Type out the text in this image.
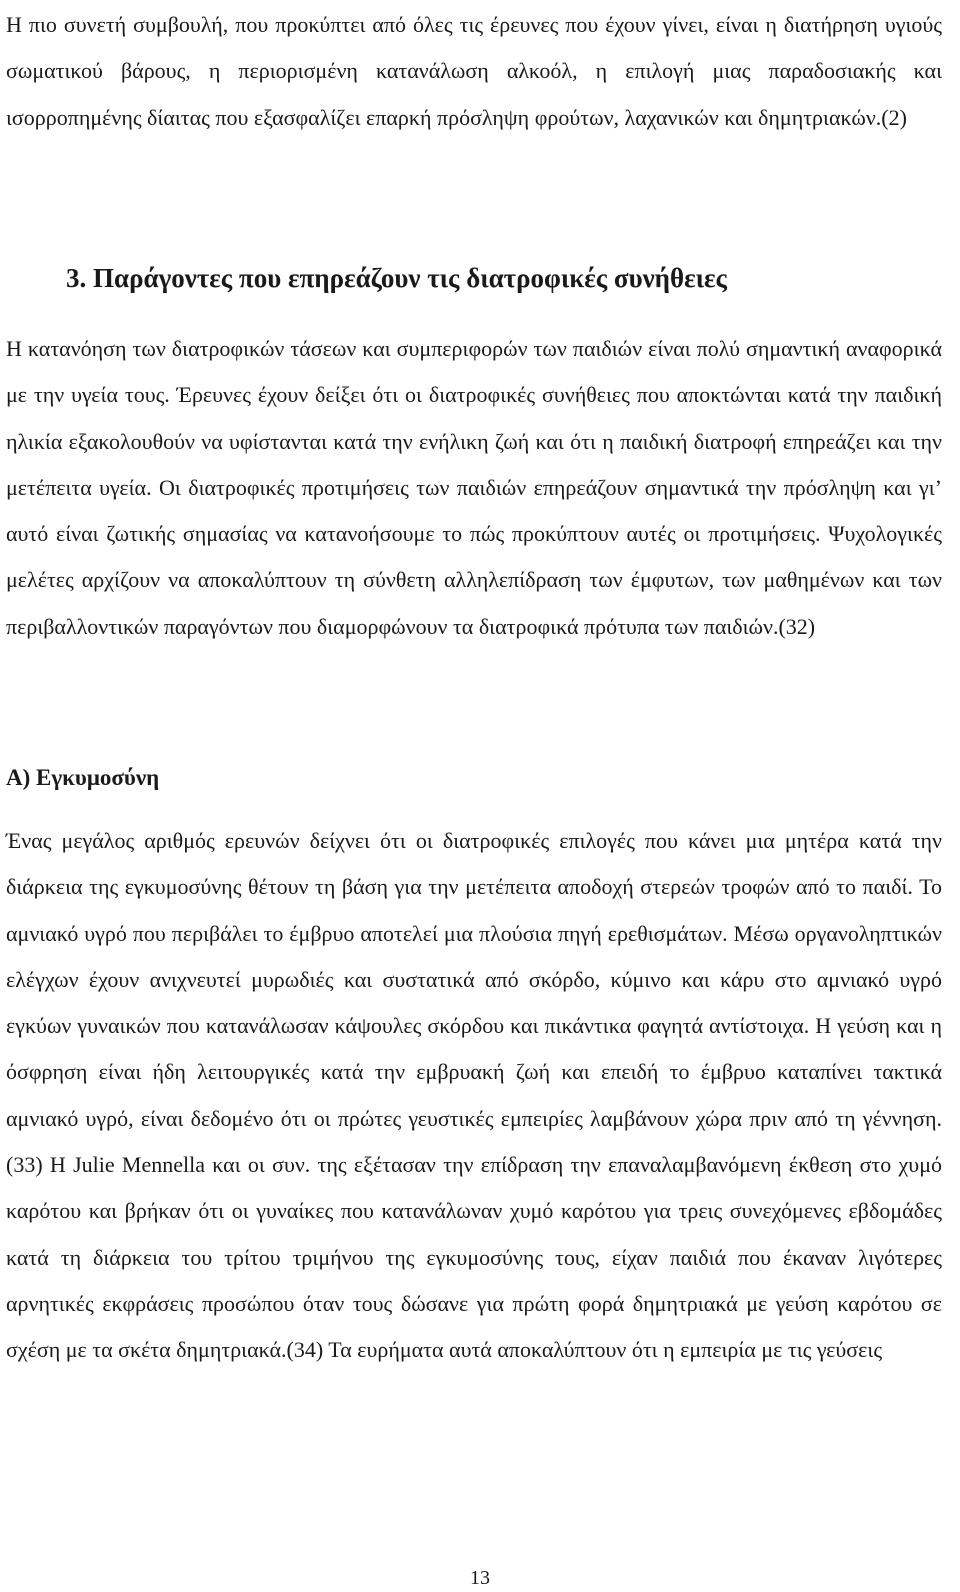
Η πιο συνετή συμβουλή, που προκύπτει από όλες τις έρευνες που έχουν γίνει, είναι η διατήρηση υγιούς σωματικού βάρους, η περιορισμένη κατανάλωση αλκοόλ, η επιλογή μιας παραδοσιακής και ισορροπημένης δίαιτας που εξασφαλίζει επαρκή πρόσληψη φρούτων, λαχανικών και δημητριακών.(2)

3. Παράγοντες που επηρεάζουν τις διατροφικές συνήθειες

Η κατανόηση των διατροφικών τάσεων και συμπεριφορών των παιδιών είναι πολύ σημαντική αναφορικά με την υγεία τους. Έρευνες έχουν δείξει ότι οι διατροφικές συνήθειες που αποκτώνται κατά την παιδική ηλικία εξακολουθούν να υφίστανται κατά την ενήλικη ζωή και ότι η παιδική διατροφή επηρεάζει και την μετέπειτα υγεία. Οι διατροφικές προτιμήσεις των παιδιών επηρεάζουν σημαντικά την πρόσληψη και γι’ αυτό είναι ζωτικής σημασίας να κατανοήσουμε το πώς προκύπτουν αυτές οι προτιμήσεις. Ψυχολογικές μελέτες αρχίζουν να αποκαλύπτουν τη σύνθετη αλληλεπίδραση των έμφυτων, των μαθημένων και των περιβαλλοντικών παραγόντων που διαμορφώνουν τα διατροφικά πρότυπα των παιδιών.(32)

Α) Εγκυμοσύνη

Ένας μεγάλος αριθμός ερευνών δείχνει ότι οι διατροφικές επιλογές που κάνει μια μητέρα κατά την διάρκεια της εγκυμοσύνης θέτουν τη βάση για την μετέπειτα αποδοχή στερεών τροφών από το παιδί. Το αμνιακό υγρό που περιβάλει το έμβρυο αποτελεί μια πλούσια πηγή ερεθισμάτων. Μέσω οργανοληπτικών ελέγχων έχουν ανιχνευτεί μυρωδιές και συστατικά από σκόρδο, κύμινο και κάρυ στο αμνιακό υγρό εγκύων γυναικών που κατανάλωσαν κάψουλες σκόρδου και πικάντικα φαγητά αντίστοιχα. Η γεύση και η όσφρηση είναι ήδη λειτουργικές κατά την εμβρυακή ζωή και επειδή το έμβρυο καταπίνει τακτικά αμνιακό υγρό, είναι δεδομένο ότι οι πρώτες γευστικές εμπειρίες λαμβάνουν χώρα πριν από τη γέννηση.(33) Η Julie Mennella και οι συν. της εξέτασαν την επίδραση την επαναλαμβανόμενη έκθεση στο χυμό καρότου και βρήκαν ότι οι γυναίκες που κατανάλωναν χυμό καρότου για τρεις συνεχόμενες εβδομάδες κατά τη διάρκεια του τρίτου τριμήνου της εγκυμοσύνης τους, είχαν παιδιά που έκαναν λιγότερες αρνητικές εκφράσεις προσώπου όταν τους δώσανε για πρώτη φορά δημητριακά με γεύση καρότου σε σχέση με τα σκέτα δημητριακά.(34) Τα ευρήματα αυτά αποκαλύπτουν ότι η εμπειρία με τις γεύσεις

13
